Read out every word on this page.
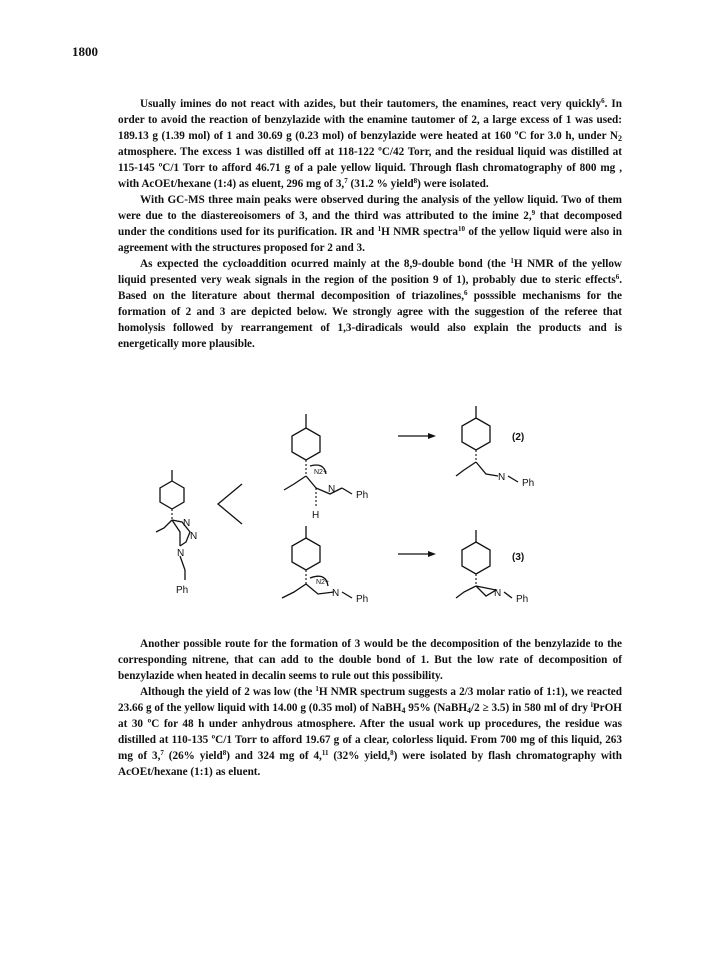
1800

Usually imines do not react with azides, but their tautomers, the enamines, react very quickly$^6$. In order to avoid the reaction of benzylazide with the enamine tautomer of 2, a large excess of 1 was used: 189.13 g (1.39 mol) of 1 and 30.69 g (0.23 mol) of benzylazide were heated at 160 ºC for 3.0 h, under $N_2$ atmosphere. The excess 1 was distilled off at 118-122 ºC/42 Torr, and the residual liquid was distilled at 115-145 ºC/1 Torr to afford 46.71 g of a pale yellow liquid. Through flash chromatography of 800 mg , with AcOEt/hexane (1:4) as eluent, 296 mg of 3,$^7$ (31.2 % yield$^8$) were isolated.

With GC-MS three main peaks were observed during the analysis of the yellow liquid. Two of them were due to the diastereoisomers of 3, and the third was attributed to the imine 2,$^9$ that decomposed under the conditions used for its purification. IR and $^1$H NMR spectra$^{10}$ of the yellow liquid were also in agreement with the structures proposed for 2 and 3.

As expected the cycloaddition ocurred mainly at the 8,9-double bond (the $^1$H NMR of the yellow liquid presented very weak signals in the region of the position 9 of 1), probably due to steric effects$^6$. Based on the literature about thermal decomposition of triazolines,$^6$ posssible mechanisms for the formation of 2 and 3 are depicted below. We strongly agree with the suggestion of the referee that homolysis followed by rearrangement of 1,3-diradicals would also explain the products and is energetically more plausible.

N
N
N
Ph
N2+
H
N
Ph
N2+
N
Ph
N
Ph
(2)
N
Ph
(3)

Another possible route for the formation of 3 would be the decomposition of the benzylazide to the corresponding nitrene, that can add to the double bond of 1. But the low rate of decomposition of benzylazide when heated in decalin seems to rule out this possibility.

Although the yield of 2 was low (the $^1$H NMR spectrum suggests a 2/3 molar ratio of 1:1), we reacted 23.66 g of the yellow liquid with 14.00 g (0.35 mol) of NaBH$_4$ 95% (NaBH$_4$/2 ≥ 3.5) in 580 ml of dry $^i$PrOH at 30 ºC for 48 h under anhydrous atmosphere. After the usual work up procedures, the residue was distilled at 110-135 ºC/1 Torr to afford 19.67 g of a clear, colorless liquid. From 700 mg of this liquid, 263 mg of 3,$^7$ (26% yield$^8$) and 324 mg of 4,11 (32% yield,$^8$) were isolated by flash chromatography with AcOEt/hexane (1:1) as eluent.
